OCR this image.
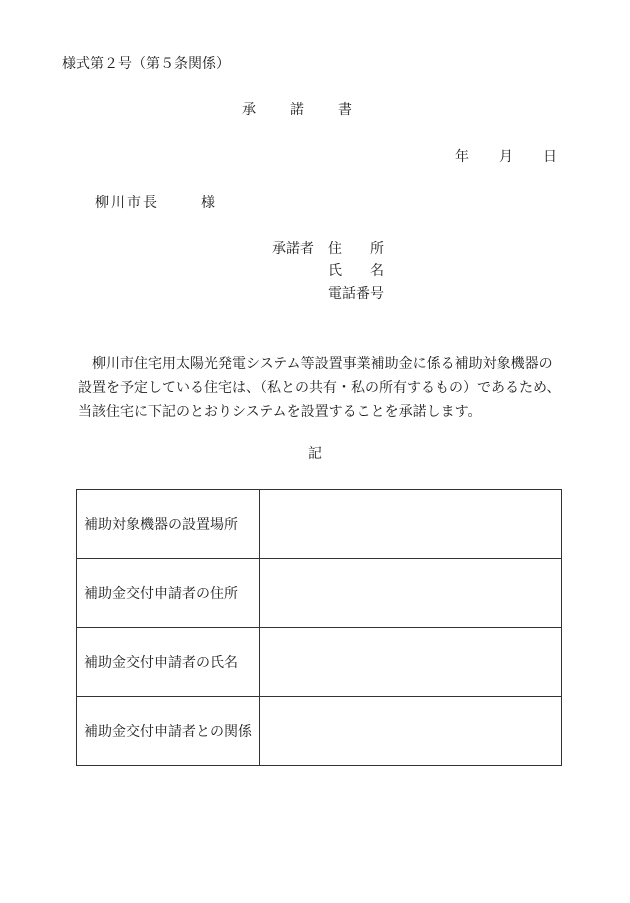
様式第２号（第５条関係）
承 諾 書
年 月 日
柳川市長	様
承諾者 住 所
氏 名
電話番号

柳川市住宅用太陽光発電システム等設置事業補助金に係る補助対象機器の

設置を予定している住宅は、（私との共有・私の所有するもの）であるため、

当該住宅に下記のとおりシステムを設置することを承諾します。

記
補助対象機器の設置場所	
補助金交付申請者の住所	
補助金交付申請者の氏名	
補助金交付申請者との関係	
